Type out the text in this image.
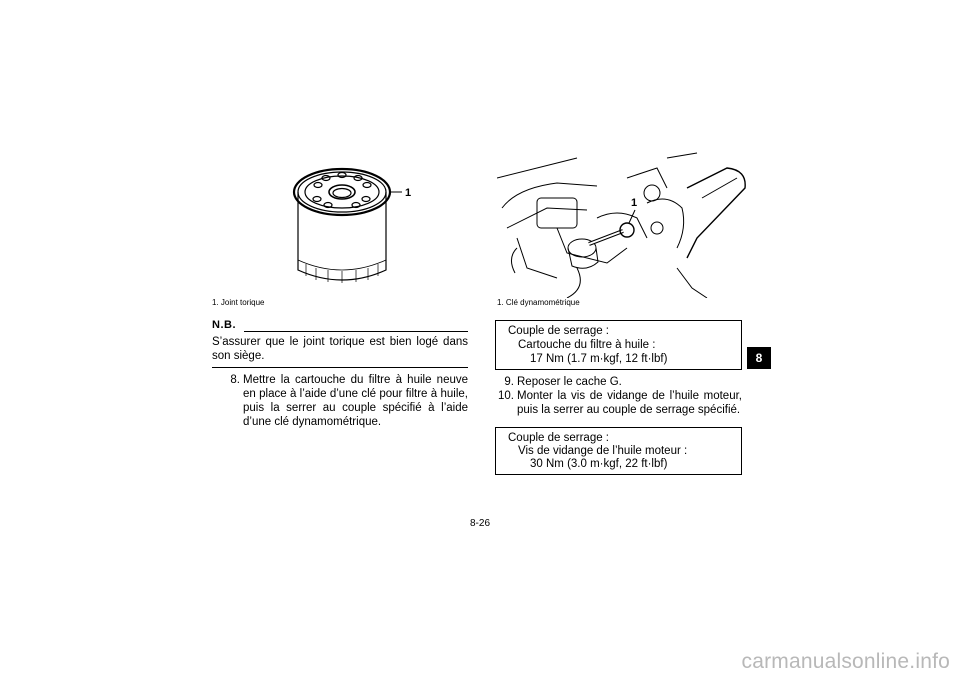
1
1
1. Joint torique	1. Clé dynamométrique
N.B.
S’assurer que le joint torique est bien logé dans son siège.
8. Mettre la cartouche du filtre à huile neuve en place à l’aide d’une clé pour filtre à huile, puis la serrer au couple spécifié à l’aide d’une clé dynamométrique.
Couple de serrage :
Cartouche du filtre à huile :
17 Nm (1.7 m·kgf, 12 ft·lbf)
9. Reposer le cache G.
10. Monter la vis de vidange de l’huile moteur, puis la serrer au couple de serrage spécifié.
Couple de serrage :
Vis de vidange de l’huile moteur :
30 Nm (3.0 m·kgf, 22 ft·lbf)
8-26
8
carmanualsonline.info
